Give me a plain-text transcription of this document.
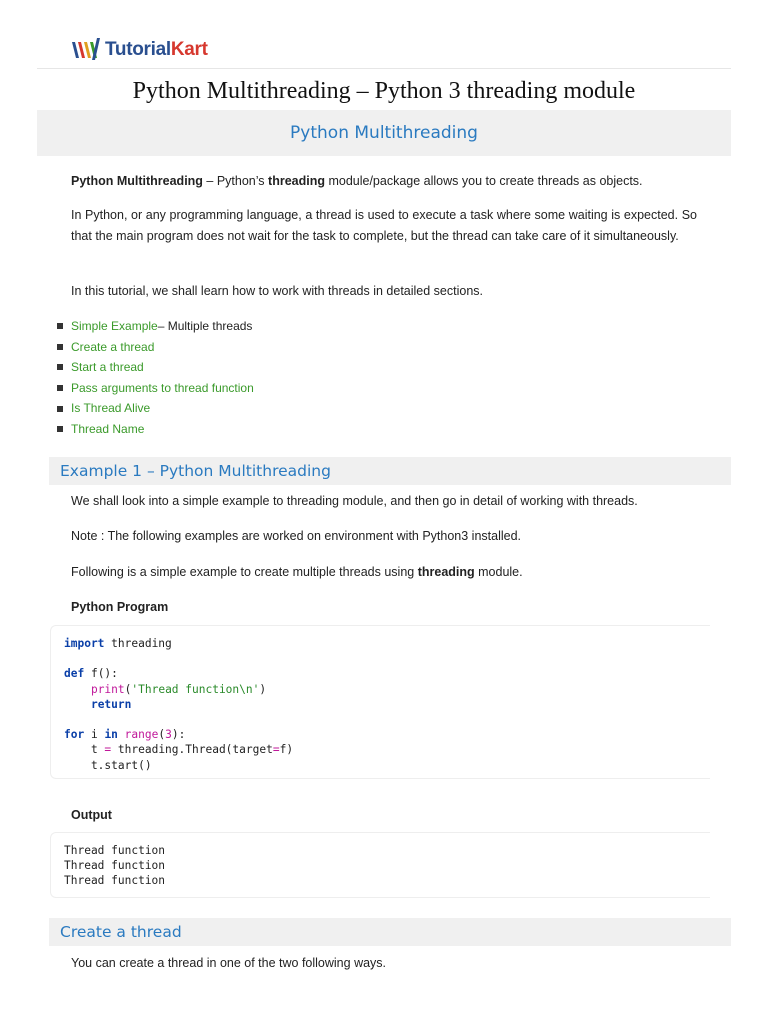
TutorialKart
Python Multithreading – Python 3 threading module
Python Multithreading

Python Multithreading – Python’s threading module/package allows you to create threads as objects.

In Python, or any programming language, a thread is used to execute a task where some waiting is expected. So that the main program does not wait for the task to complete, but the thread can take care of it simultaneously.

In this tutorial, we shall learn how to work with threads in detailed sections.

Simple Example – Multiple threads
Create a thread
Start a thread
Pass arguments to thread function
Is Thread Alive
Thread Name
Example 1 – Python Multithreading

We shall look into a simple example to threading module, and then go in detail of working with threads.

Note : The following examples are worked on environment with Python3 installed.

Following is a simple example to create multiple threads using threading module.

Python Program

import threading

def f():
print('Thread function\n')
return

for i in range(3):
t = threading.Thread(target=f)
t.start()

Output

Thread function
Thread function
Thread function
Create a thread

You can create a thread in one of the two following ways.
